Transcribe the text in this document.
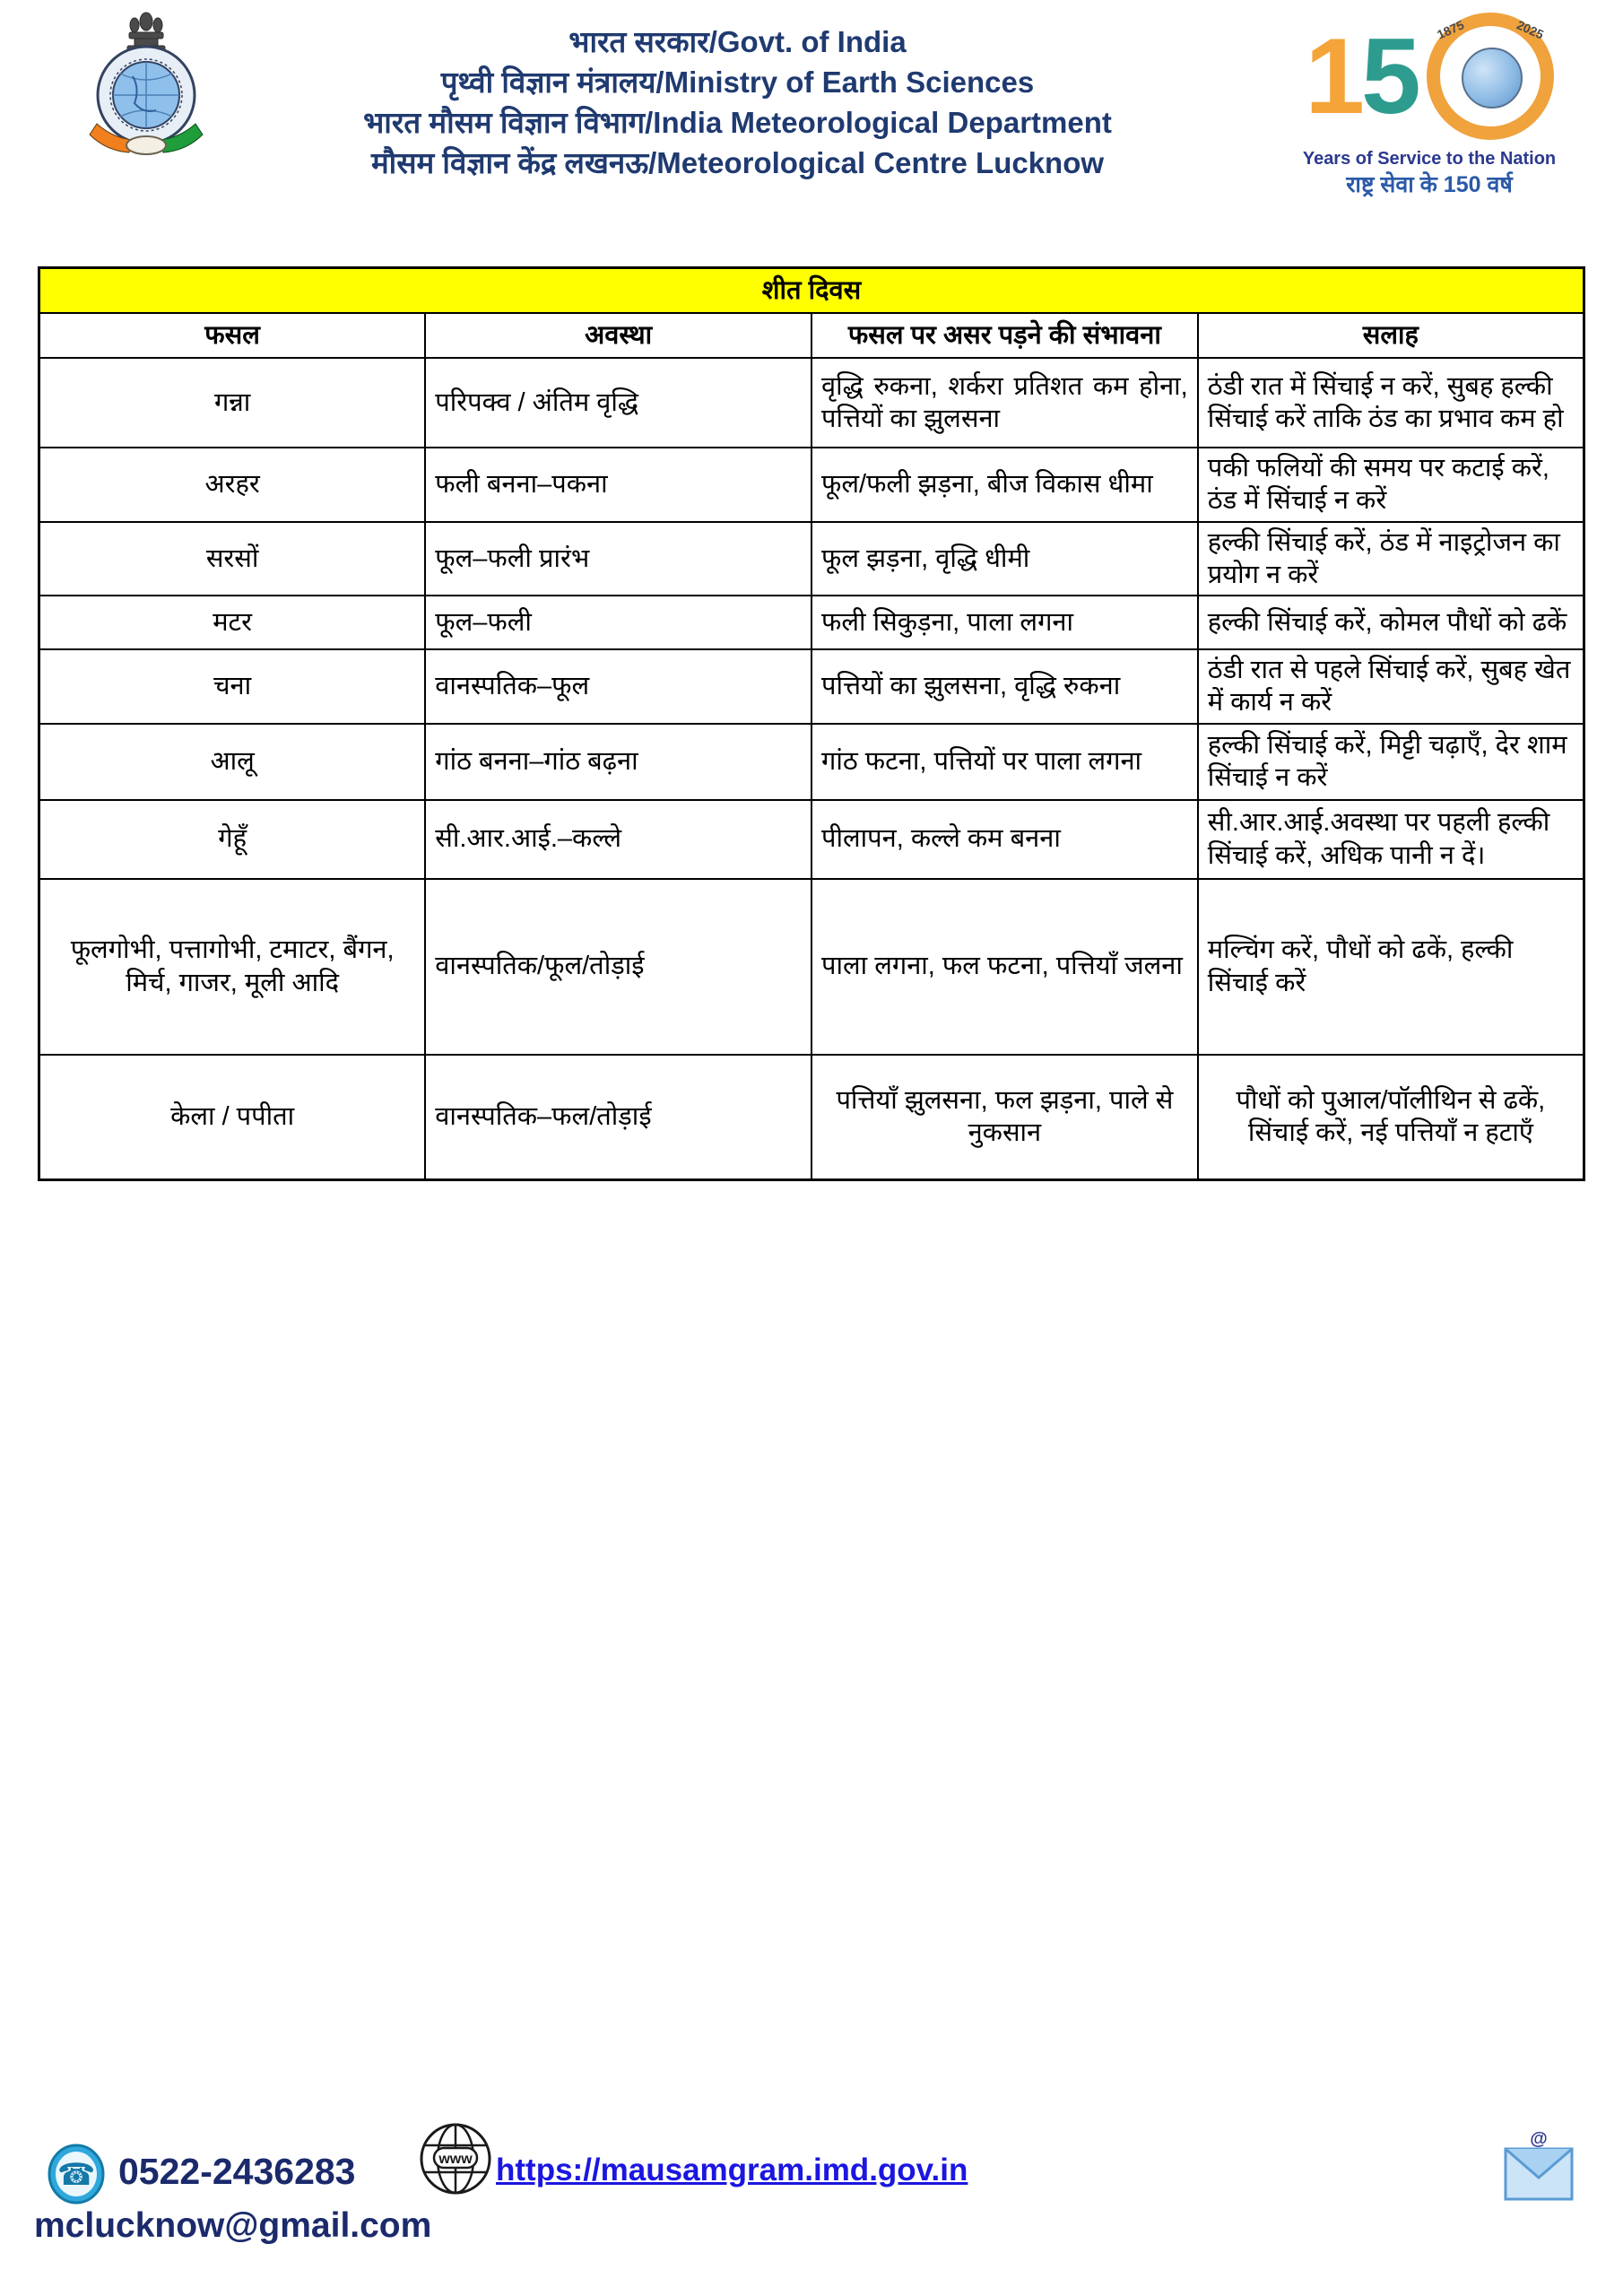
भारत सरकार/Govt. of India
पृथ्वी विज्ञान मंत्रालय/Ministry of Earth Sciences
भारत मौसम विज्ञान विभाग/India Meteorological Department
मौसम विज्ञान केंद्र लखनऊ/Meteorological Centre Lucknow
1 5 1875	2025
Years of Service to the Nation
राष्ट्र सेवा के 150 वर्ष
शीत दिवस			
फसल	अवस्था	फसल पर असर पड़ने की संभावना	सलाह
गन्ना	परिपक्व / अंतिम वृद्धि	वृद्धि रुकना, शर्करा प्रतिशत कम होना, पत्तियों का झुलसना	ठंडी रात में सिंचाई न करें, सुबह हल्की सिंचाई करें ताकि ठंड का प्रभाव कम हो
अरहर	फली बनना–पकना	फूल/फली झड़ना, बीज विकास धीमा	पकी फलियों की समय पर कटाई करें, ठंड में सिंचाई न करें
सरसों	फूल–फली प्रारंभ	फूल झड़ना, वृद्धि धीमी	हल्की सिंचाई करें, ठंड में नाइट्रोजन का प्रयोग न करें
मटर	फूल–फली	फली सिकुड़ना, पाला लगना	हल्की सिंचाई करें, कोमल पौधों को ढकें
चना	वानस्पतिक–फूल	पत्तियों का झुलसना, वृद्धि रुकना	ठंडी रात से पहले सिंचाई करें, सुबह खेत में कार्य न करें
आलू	गांठ बनना–गांठ बढ़ना	गांठ फटना, पत्तियों पर पाला लगना	हल्की सिंचाई करें, मिट्टी चढ़ाएँ, देर शाम सिंचाई न करें
गेहूँ	सी.आर.आई.–कल्ले	पीलापन, कल्ले कम बनना	सी.आर.आई.अवस्था पर पहली हल्की सिंचाई करें, अधिक पानी न दें।
फूलगोभी, पत्तागोभी, टमाटर, बैंगन, मिर्च, गाजर, मूली आदि	वानस्पतिक/फूल/तोड़ाई	पाला लगना, फल फटना, पत्तियाँ जलना	मल्चिंग करें, पौधों को ढकें, हल्की सिंचाई करें
केला / पपीता	वानस्पतिक–फल/तोड़ाई	पत्तियाँ झुलसना, फल झड़ना, पाले से नुकसान	पौधों को पुआल/पॉलीथिन से ढकें, सिंचाई करें, नई पत्तियाँ न हटाएँ
☎ 0522-2436283	www https://mausamgram.imd.gov.in
mclucknow@gmail.com
@
